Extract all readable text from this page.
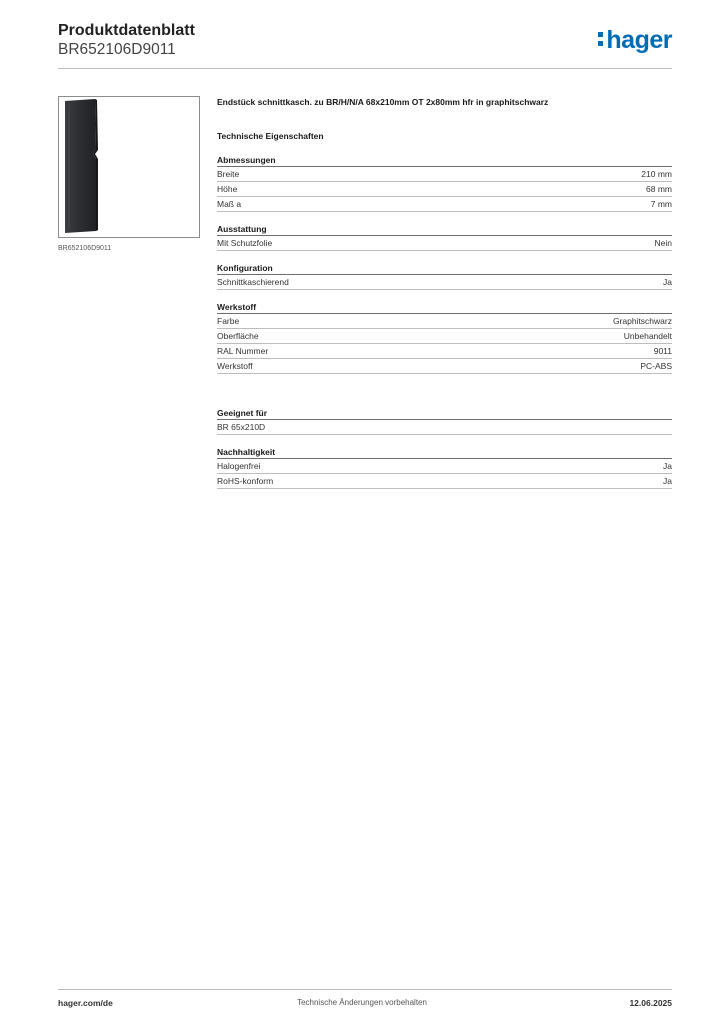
Produktdatenblatt
BR652106D9011	hager
BR652106D9011

Endstück schnittkasch. zu BR/H/N/A 68x210mm OT 2x80mm hfr in graphitschwarz

Technische Eigenschaften

Abmessungen
Breite	210 mm
Höhe	68 mm
Maß a	7 mm
Ausstattung
Mit Schutzfolie	Nein
Konfiguration
Schnittkaschierend	Ja
Werkstoff
Farbe	Graphitschwarz
Oberfläche	Unbehandelt
RAL Nummer	9011
Werkstoff	PC-ABS
Geeignet für
BR 65x210D
Nachhaltigkeit
Halogenfrei	Ja
RoHS-konform	Ja
hager.com/de	Technische Änderungen vorbehalten	12.06.2025
